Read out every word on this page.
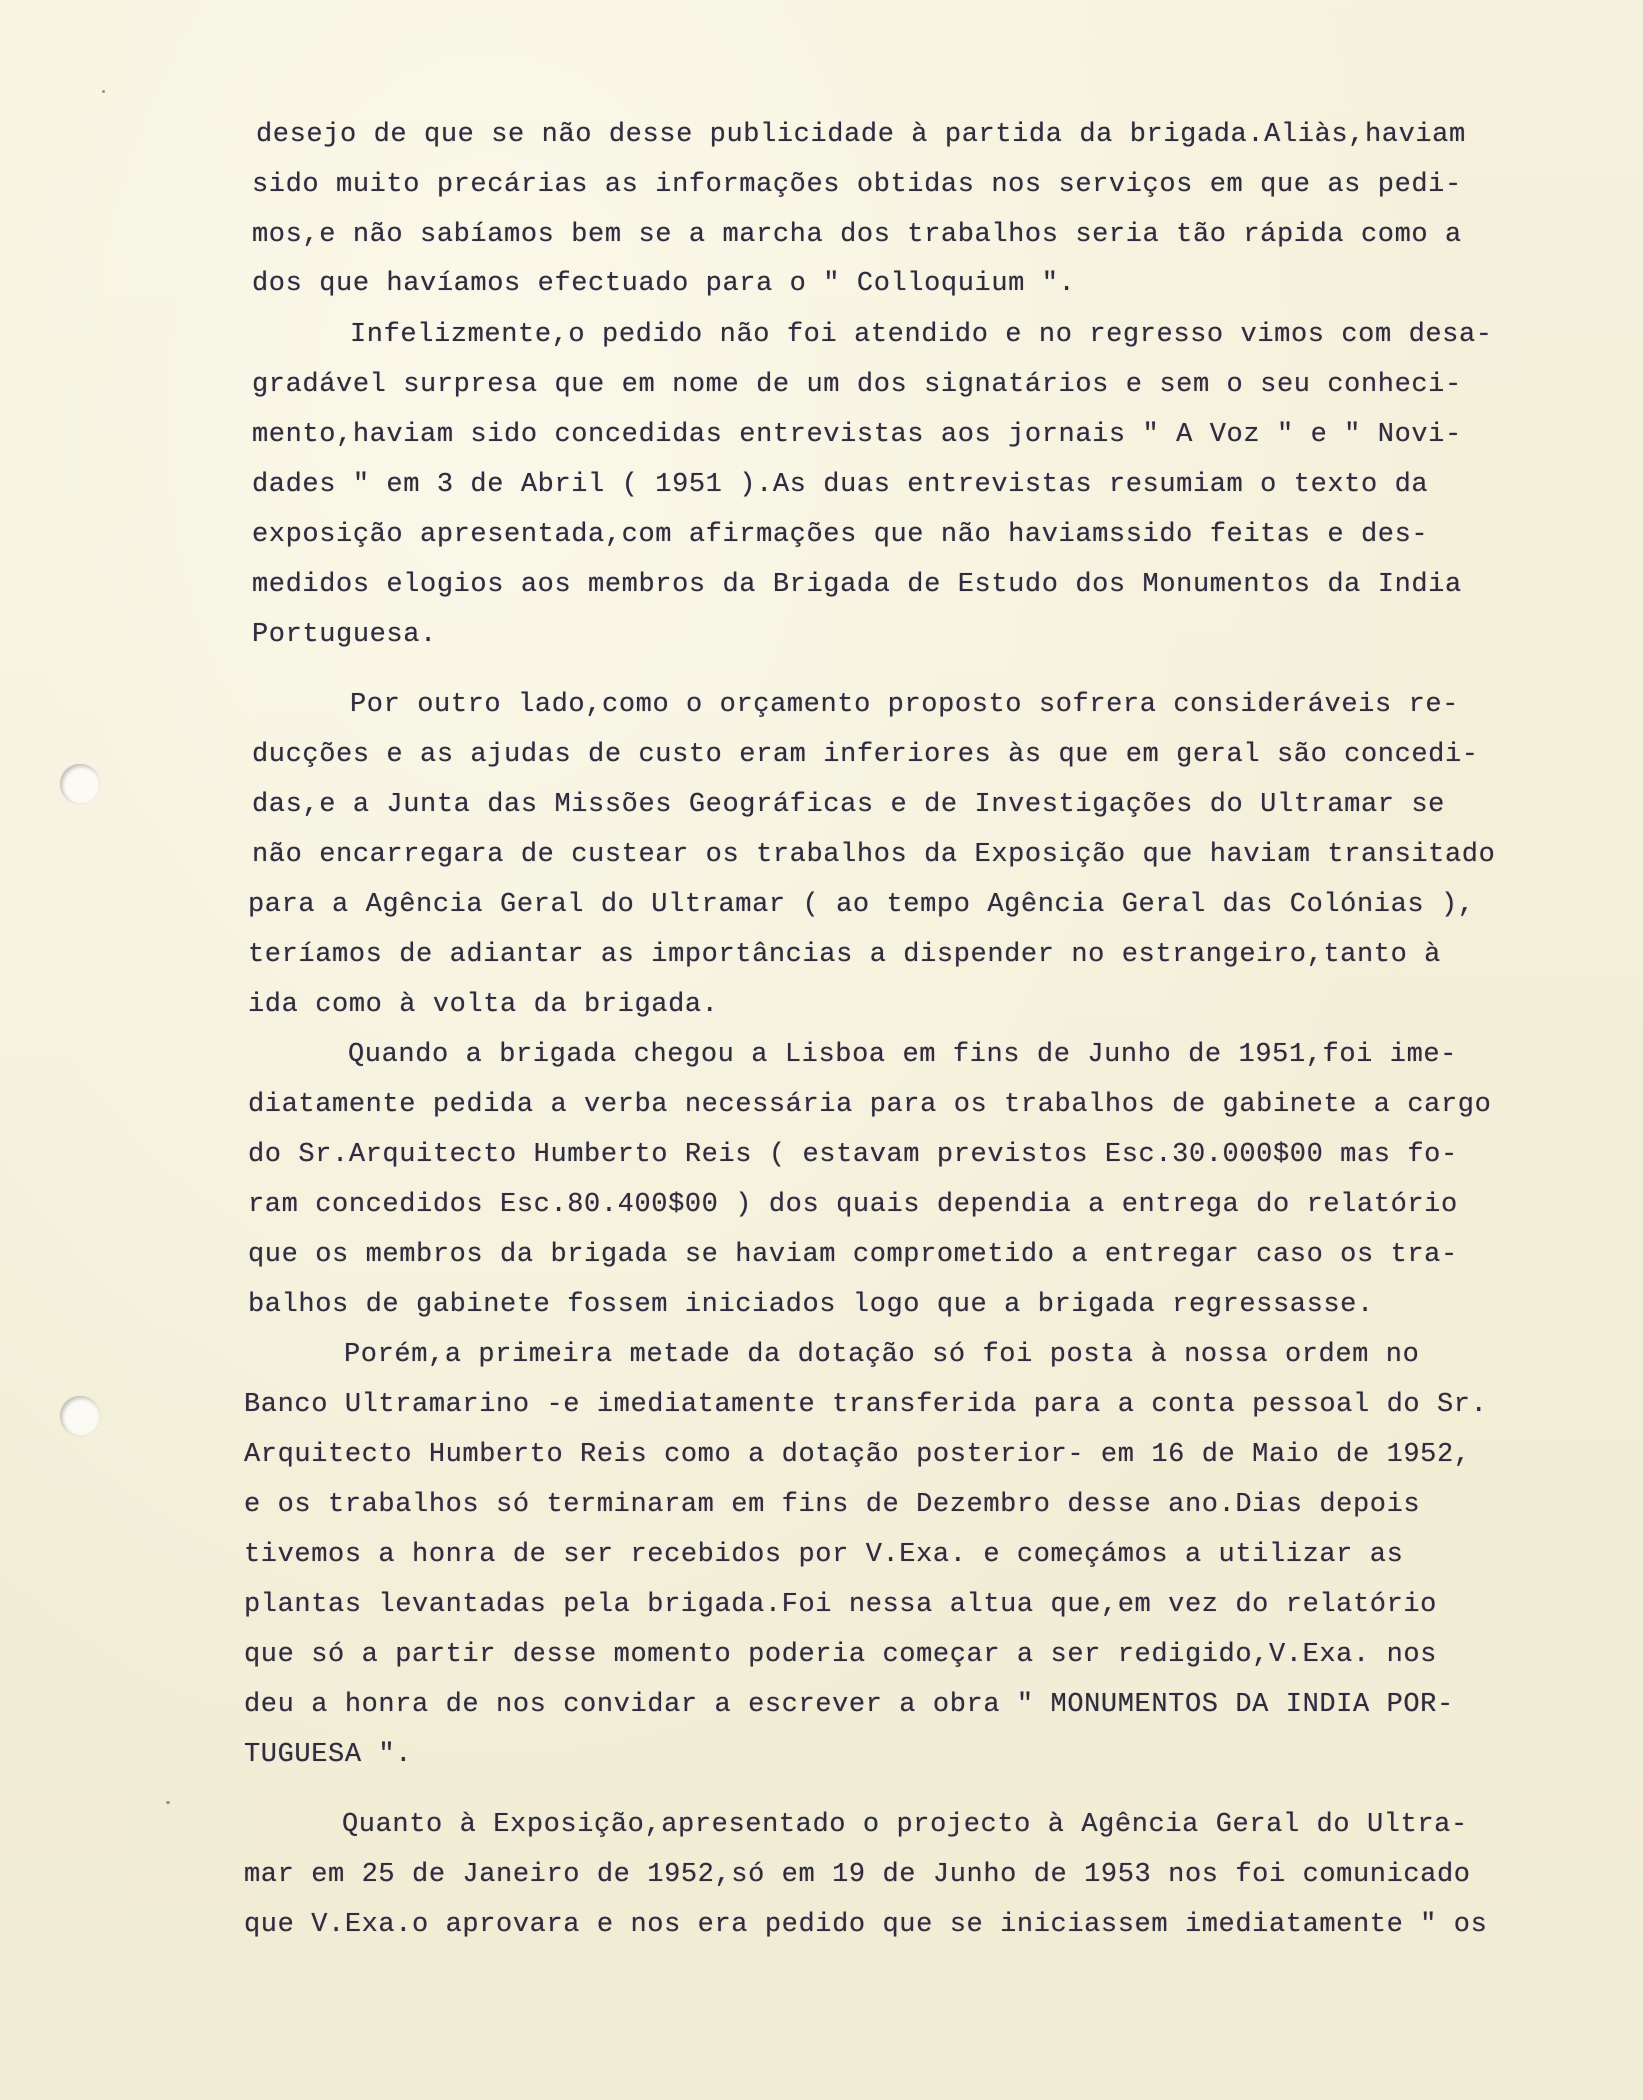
desejo de que se não desse publicidade à partida da brigada.Aliàs,haviam
sido muito precárias as informações obtidas nos serviços em que as pedi-
mos,e não sabíamos bem se a marcha dos trabalhos seria tão rápida como a
dos que havíamos efectuado para o " Colloquium ".
Infelizmente,o pedido não foi atendido e no regresso vimos com desa-
gradável surpresa que em nome de um dos signatários e sem o seu conheci-
mento,haviam sido concedidas entrevistas aos jornais " A Voz " e " Novi-
dades " em 3 de Abril ( 1951 ).As duas entrevistas resumiam o texto da
exposição apresentada,com afirmações que não haviamssido feitas e des-
medidos elogios aos membros da Brigada de Estudo dos Monumentos da India
Portuguesa.
Por outro lado,como o orçamento proposto sofrera consideráveis re-
ducções e as ajudas de custo eram inferiores às que em geral são concedi-
das,e a Junta das Missões Geográficas e de Investigações do Ultramar se
não encarregara de custear os trabalhos da Exposição que haviam transitado
para a Agência Geral do Ultramar ( ao tempo Agência Geral das Colónias ),
teríamos de adiantar as importâncias a dispender no estrangeiro,tanto à
ida como à volta da brigada.
Quando a brigada chegou a Lisboa em fins de Junho de 1951,foi ime-
diatamente pedida a verba necessária para os trabalhos de gabinete a cargo
do Sr.Arquitecto Humberto Reis ( estavam previstos Esc.30.000$00 mas fo-
ram concedidos Esc.80.400$00 ) dos quais dependia a entrega do relatório
que os membros da brigada se haviam comprometido a entregar caso os tra-
balhos de gabinete fossem iniciados logo que a brigada regressasse.
Porém,a primeira metade da dotação só foi posta à nossa ordem no
Banco Ultramarino -e imediatamente transferida para a conta pessoal do Sr.
Arquitecto Humberto Reis como a dotação posterior- em 16 de Maio de 1952,
e os trabalhos só terminaram em fins de Dezembro desse ano.Dias depois
tivemos a honra de ser recebidos por V.Exa. e começámos a utilizar as
plantas levantadas pela brigada.Foi nessa altua que,em vez do relatório
que só a partir desse momento poderia começar a ser redigido,V.Exa. nos
deu a honra de nos convidar a escrever a obra " MONUMENTOS DA INDIA POR-
TUGUESA ".
Quanto à Exposição,apresentado o projecto à Agência Geral do Ultra-
mar em 25 de Janeiro de 1952,só em 19 de Junho de 1953 nos foi comunicado
que V.Exa.o aprovara e nos era pedido que se iniciassem imediatamente " os
